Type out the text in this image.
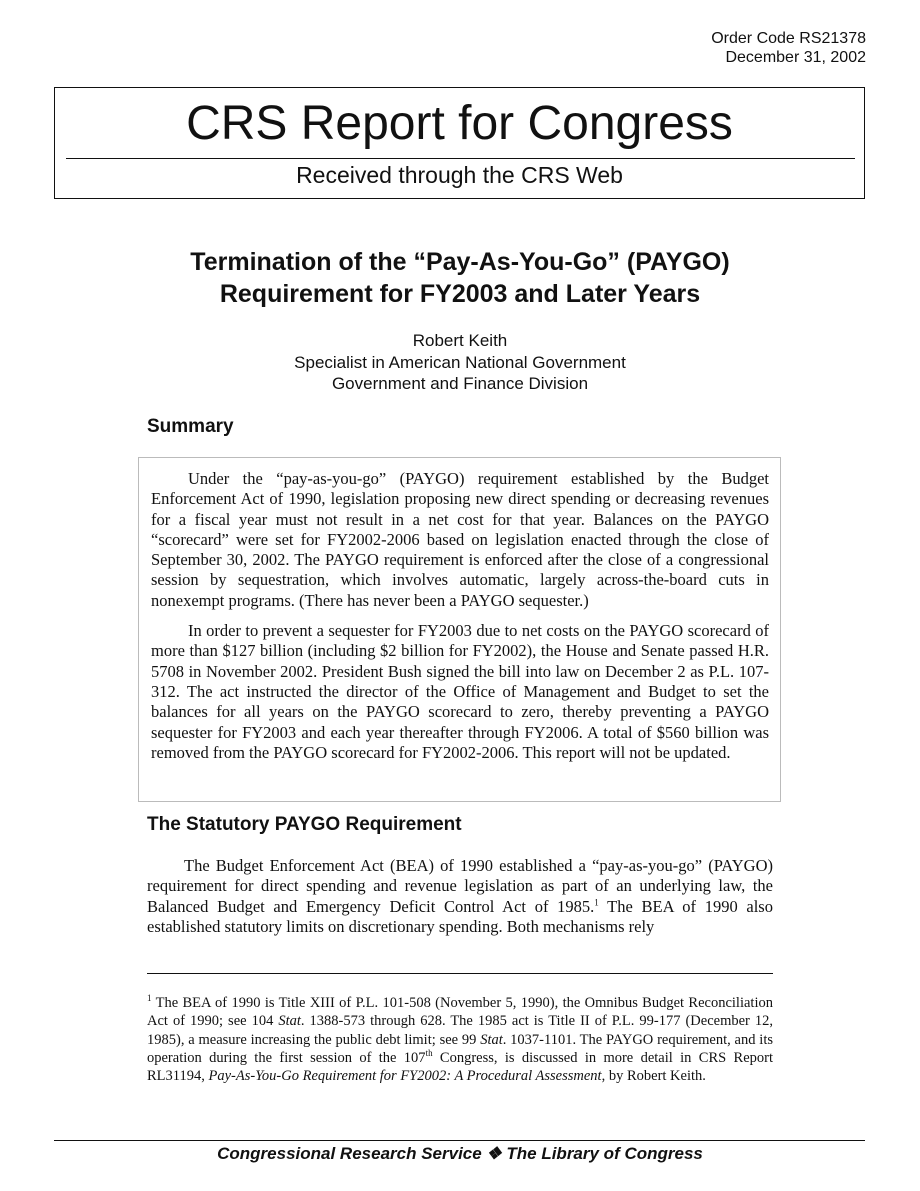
Order Code RS21378
December 31, 2002
CRS Report for Congress
Received through the CRS Web
Termination of the “Pay-As-You-Go” (PAYGO)
Requirement for FY2003 and Later Years
Robert Keith
Specialist in American National Government
Government and Finance Division
Summary

Under the “pay-as-you-go” (PAYGO) requirement established by the Budget Enforcement Act of 1990, legislation proposing new direct spending or decreasing revenues for a fiscal year must not result in a net cost for that year. Balances on the PAYGO “scorecard” were set for FY2002-2006 based on legislation enacted through the close of September 30, 2002. The PAYGO requirement is enforced after the close of a congressional session by sequestration, which involves automatic, largely across-the-board cuts in nonexempt programs. (There has never been a PAYGO sequester.)

In order to prevent a sequester for FY2003 due to net costs on the PAYGO scorecard of more than $127 billion (including $2 billion for FY2002), the House and Senate passed H.R. 5708 in November 2002. President Bush signed the bill into law on December 2 as P.L. 107-312. The act instructed the director of the Office of Management and Budget to set the balances for all years on the PAYGO scorecard to zero, thereby preventing a PAYGO sequester for FY2003 and each year thereafter through FY2006. A total of $560 billion was removed from the PAYGO scorecard for FY2002-2006. This report will not be updated.

The Statutory PAYGO Requirement

The Budget Enforcement Act (BEA) of 1990 established a “pay-as-you-go” (PAYGO) requirement for direct spending and revenue legislation as part of an underlying law, the Balanced Budget and Emergency Deficit Control Act of 1985.$^1$ The BEA of 1990 also established statutory limits on discretionary spending. Both mechanisms rely

$^1$ The BEA of 1990 is Title XIII of P.L. 101-508 (November 5, 1990), the Omnibus Budget Reconciliation Act of 1990; see 104 Stat. 1388-573 through 628. The 1985 act is Title II of P.L. 99-177 (December 12, 1985), a measure increasing the public debt limit; see 99 Stat. 1037-1101. The PAYGO requirement, and its operation during the first session of the 107th Congress, is discussed in more detail in CRS Report RL31194, Pay-As-You-Go Requirement for FY2002: A Procedural Assessment, by Robert Keith.

Congressional Research Service ❖ The Library of Congress
